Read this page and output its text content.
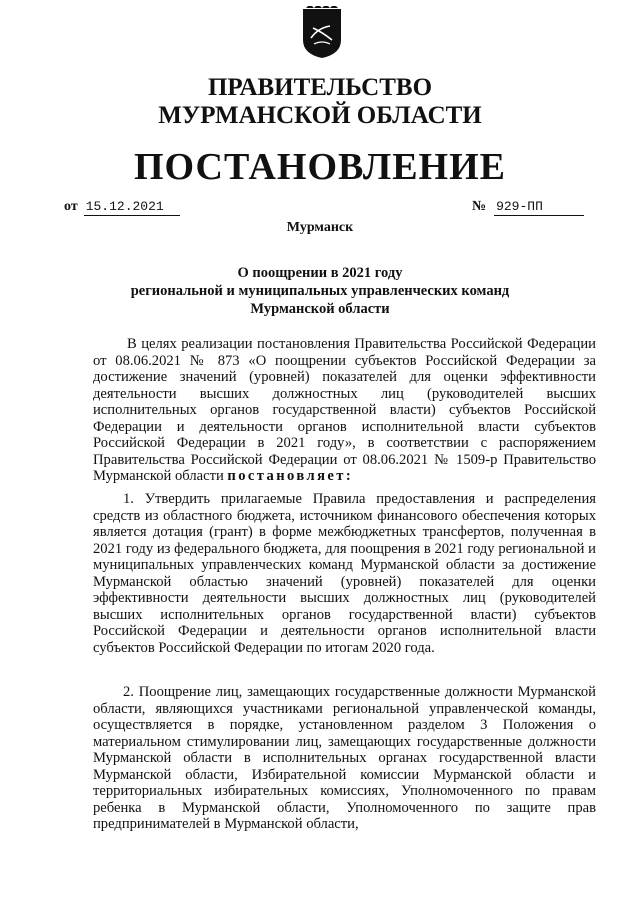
ПРАВИТЕЛЬСТВО
МУРМАНСКОЙ ОБЛАСТИ
ПОСТАНОВЛЕНИЕ
от 15.12.2021	№ 929-ПП
Мурманск
О поощрении в 2021 году
региональной и муниципальных управленческих команд
Мурманской области

В целях реализации постановления Правительства Российской Федерации от 08.06.2021 № 873 «О поощрении субъектов Российской Федерации за достижение значений (уровней) показателей для оценки эффективности деятельности высших должностных лиц (руководителей высших исполнительных органов государственной власти) субъектов Российской Федерации и деятельности органов исполнительной власти субъектов Российской Федерации в 2021 году», в соответствии с распоряжением Правительства Российской Федерации от 08.06.2021 № 1509-р Правительство Мурманской области постановляет:

1. Утвердить прилагаемые Правила предоставления и распределения средств из областного бюджета, источником финансового обеспечения которых является дотация (грант) в форме межбюджетных трансфертов, полученная в 2021 году из федерального бюджета, для поощрения в 2021 году региональной и муниципальных управленческих команд Мурманской области за достижение Мурманской областью значений (уровней) показателей для оценки эффективности деятельности высших должностных лиц (руководителей высших исполнительных органов государственной власти) субъектов Российской Федерации и деятельности органов исполнительной власти субъектов Российской Федерации по итогам 2020 года.

2. Поощрение лиц, замещающих государственные должности Мурманской области, являющихся участниками региональной управленческой команды, осуществляется в порядке, установленном разделом 3 Положения о материальном стимулировании лиц, замещающих государственные должности Мурманской области в исполнительных органах государственной власти Мурманской области, Избирательной комиссии Мурманской области и территориальных избирательных комиссиях, Уполномоченного по правам ребенка в Мурманской области, Уполномоченного по защите прав предпринимателей в Мурманской области,
